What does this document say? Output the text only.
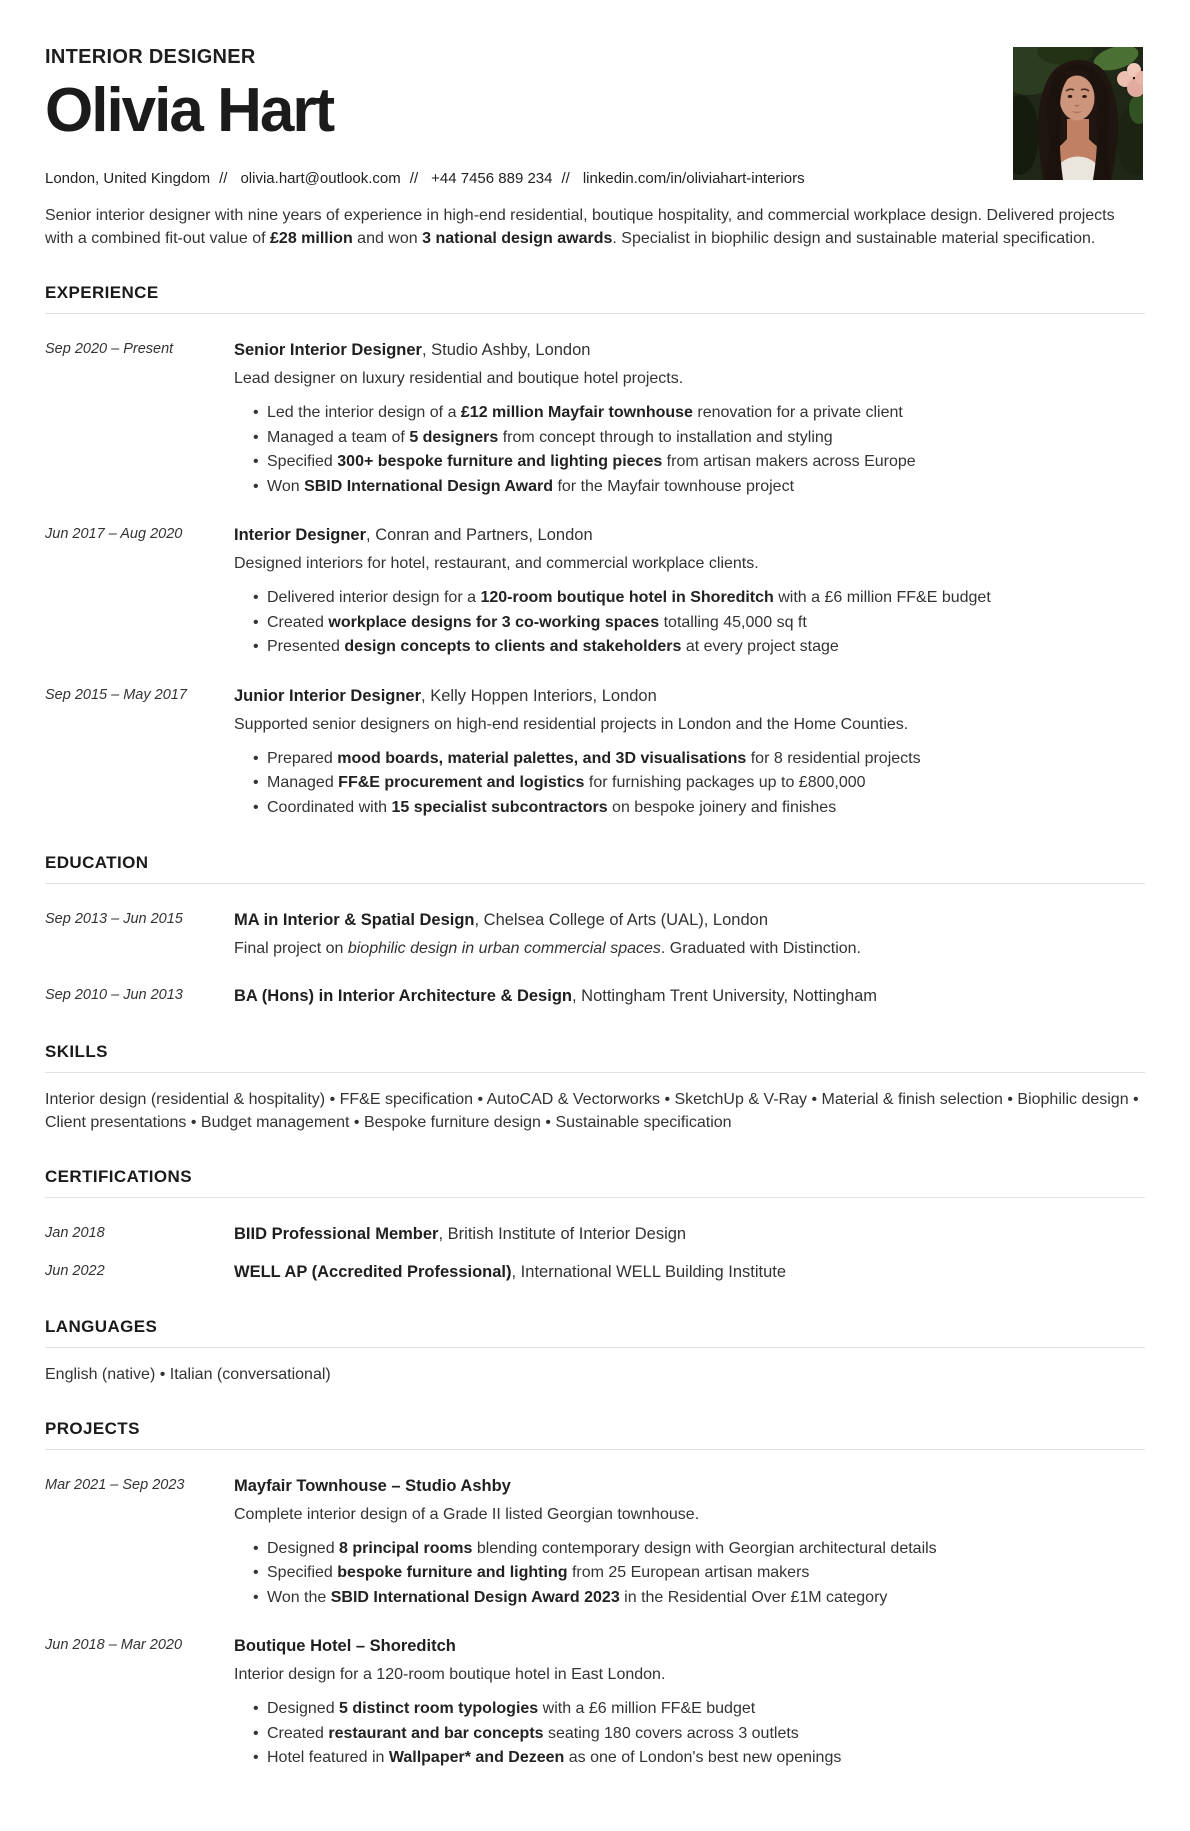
INTERIOR DESIGNER
Olivia Hart
London, United Kingdom // olivia.hart@outlook.com // +44 7456 889 234 // linkedin.com/in/oliviahart-interiors

Senior interior designer with nine years of experience in high-end residential, boutique hospitality, and commercial workplace design. Delivered projects with a combined fit-out value of £28 million and won 3 national design awards. Specialist in biophilic design and sustainable material specification.

EXPERIENCE
Sep 2020 – Present	Senior Interior Designer, Studio Ashby, London
Lead designer on luxury residential and boutique hotel projects.
• Led the interior design of a £12 million Mayfair townhouse renovation for a private client
• Managed a team of 5 designers from concept through to installation and styling
• Specified 300+ bespoke furniture and lighting pieces from artisan makers across Europe
• Won SBID International Design Award for the Mayfair townhouse project
Jun 2017 – Aug 2020	Interior Designer, Conran and Partners, London
Designed interiors for hotel, restaurant, and commercial workplace clients.
• Delivered interior design for a 120-room boutique hotel in Shoreditch with a £6 million FF&E budget
• Created workplace designs for 3 co-working spaces totalling 45,000 sq ft
• Presented design concepts to clients and stakeholders at every project stage
Sep 2015 – May 2017	Junior Interior Designer, Kelly Hoppen Interiors, London
Supported senior designers on high-end residential projects in London and the Home Counties.
• Prepared mood boards, material palettes, and 3D visualisations for 8 residential projects
• Managed FF&E procurement and logistics for furnishing packages up to £800,000
• Coordinated with 15 specialist subcontractors on bespoke joinery and finishes
EDUCATION
Sep 2013 – Jun 2015	MA in Interior & Spatial Design, Chelsea College of Arts (UAL), London
Final project on biophilic design in urban commercial spaces. Graduated with Distinction.
Sep 2010 – Jun 2013	BA (Hons) in Interior Architecture & Design, Nottingham Trent University, Nottingham
SKILLS

Interior design (residential & hospitality) • FF&E specification • AutoCAD & Vectorworks • SketchUp & V-Ray • Material & finish selection • Biophilic design • Client presentations • Budget management • Bespoke furniture design • Sustainable specification

CERTIFICATIONS
Jan 2018	BIID Professional Member, British Institute of Interior Design
Jun 2022	WELL AP (Accredited Professional), International WELL Building Institute
LANGUAGES

English (native) • Italian (conversational)

PROJECTS
Mar 2021 – Sep 2023	Mayfair Townhouse – Studio Ashby
Complete interior design of a Grade II listed Georgian townhouse.
• Designed 8 principal rooms blending contemporary design with Georgian architectural details
• Specified bespoke furniture and lighting from 25 European artisan makers
• Won the SBID International Design Award 2023 in the Residential Over £1M category
Jun 2018 – Mar 2020	Boutique Hotel – Shoreditch
Interior design for a 120-room boutique hotel in East London.
• Designed 5 distinct room typologies with a £6 million FF&E budget
• Created restaurant and bar concepts seating 180 covers across 3 outlets
• Hotel featured in Wallpaper* and Dezeen as one of London's best new openings
